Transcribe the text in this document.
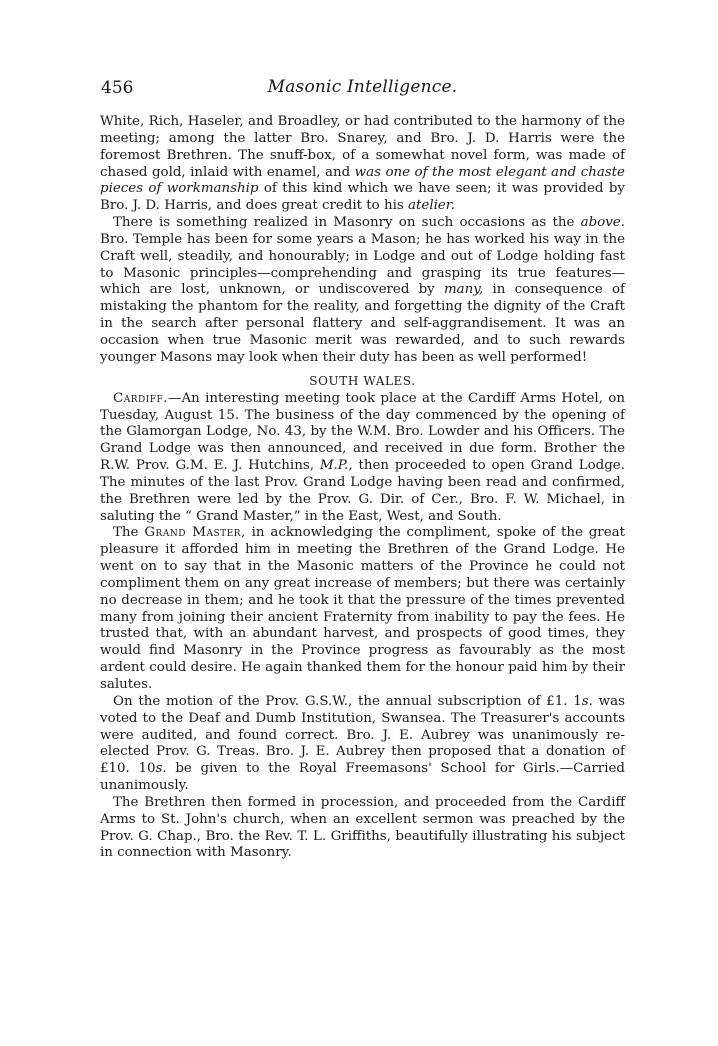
456	Masonic Intelligence.

White, Rich, Haseler, and Broadley, or had contributed to the harmony of the meeting; among the latter Bro. Snarey, and Bro. J. D. Harris were the foremost Brethren. The snuff-box, of a somewhat novel form, was made of chased gold, inlaid with enamel, and was one of the most elegant and chaste pieces of workmanship of this kind which we have seen; it was provided by Bro. J. D. Harris, and does great credit to his atelier.

There is something realized in Masonry on such occasions as the above. Bro. Temple has been for some years a Mason; he has worked his way in the Craft well, steadily, and honourably; in Lodge and out of Lodge holding fast to Masonic principles—comprehending and grasping its true features—which are lost, unknown, or undiscovered by many, in consequence of mistaking the phantom for the reality, and forgetting the dignity of the Craft in the search after personal flattery and self-aggrandisement. It was an occasion when true Masonic merit was rewarded, and to such rewards younger Masons may look when their duty has been as well performed!

SOUTH WALES.

Cardiff.—An interesting meeting took place at the Cardiff Arms Hotel, on Tuesday, August 15. The business of the day commenced by the opening of the Glamorgan Lodge, No. 43, by the W.M. Bro. Lowder and his Officers. The Grand Lodge was then announced, and received in due form. Brother the R.W. Prov. G.M. E. J. Hutchins, M.P., then proceeded to open Grand Lodge. The minutes of the last Prov. Grand Lodge having been read and confirmed, the Brethren were led by the Prov. G. Dir. of Cer., Bro. F. W. Michael, in saluting the “ Grand Master,” in the East, West, and South.

The Grand Master, in acknowledging the compliment, spoke of the great pleasure it afforded him in meeting the Brethren of the Grand Lodge. He went on to say that in the Masonic matters of the Province he could not compliment them on any great increase of members; but there was certainly no decrease in them; and he took it that the pressure of the times prevented many from joining their ancient Fraternity from inability to pay the fees. He trusted that, with an abundant harvest, and prospects of good times, they would find Masonry in the Province progress as favourably as the most ardent could desire. He again thanked them for the honour paid him by their salutes.

On the motion of the Prov. G.S.W., the annual subscription of £1. 1s. was voted to the Deaf and Dumb Institution, Swansea. The Treasurer's accounts were audited, and found correct. Bro. J. E. Aubrey was unanimously re-elected Prov. G. Treas. Bro. J. E. Aubrey then proposed that a donation of £10. 10s. be given to the Royal Freemasons' School for Girls.—Carried unanimously.

The Brethren then formed in procession, and proceeded from the Cardiff Arms to St. John's church, when an excellent sermon was preached by the Prov. G. Chap., Bro. the Rev. T. L. Griffiths, beautifully illustrating his subject in connection with Masonry.
